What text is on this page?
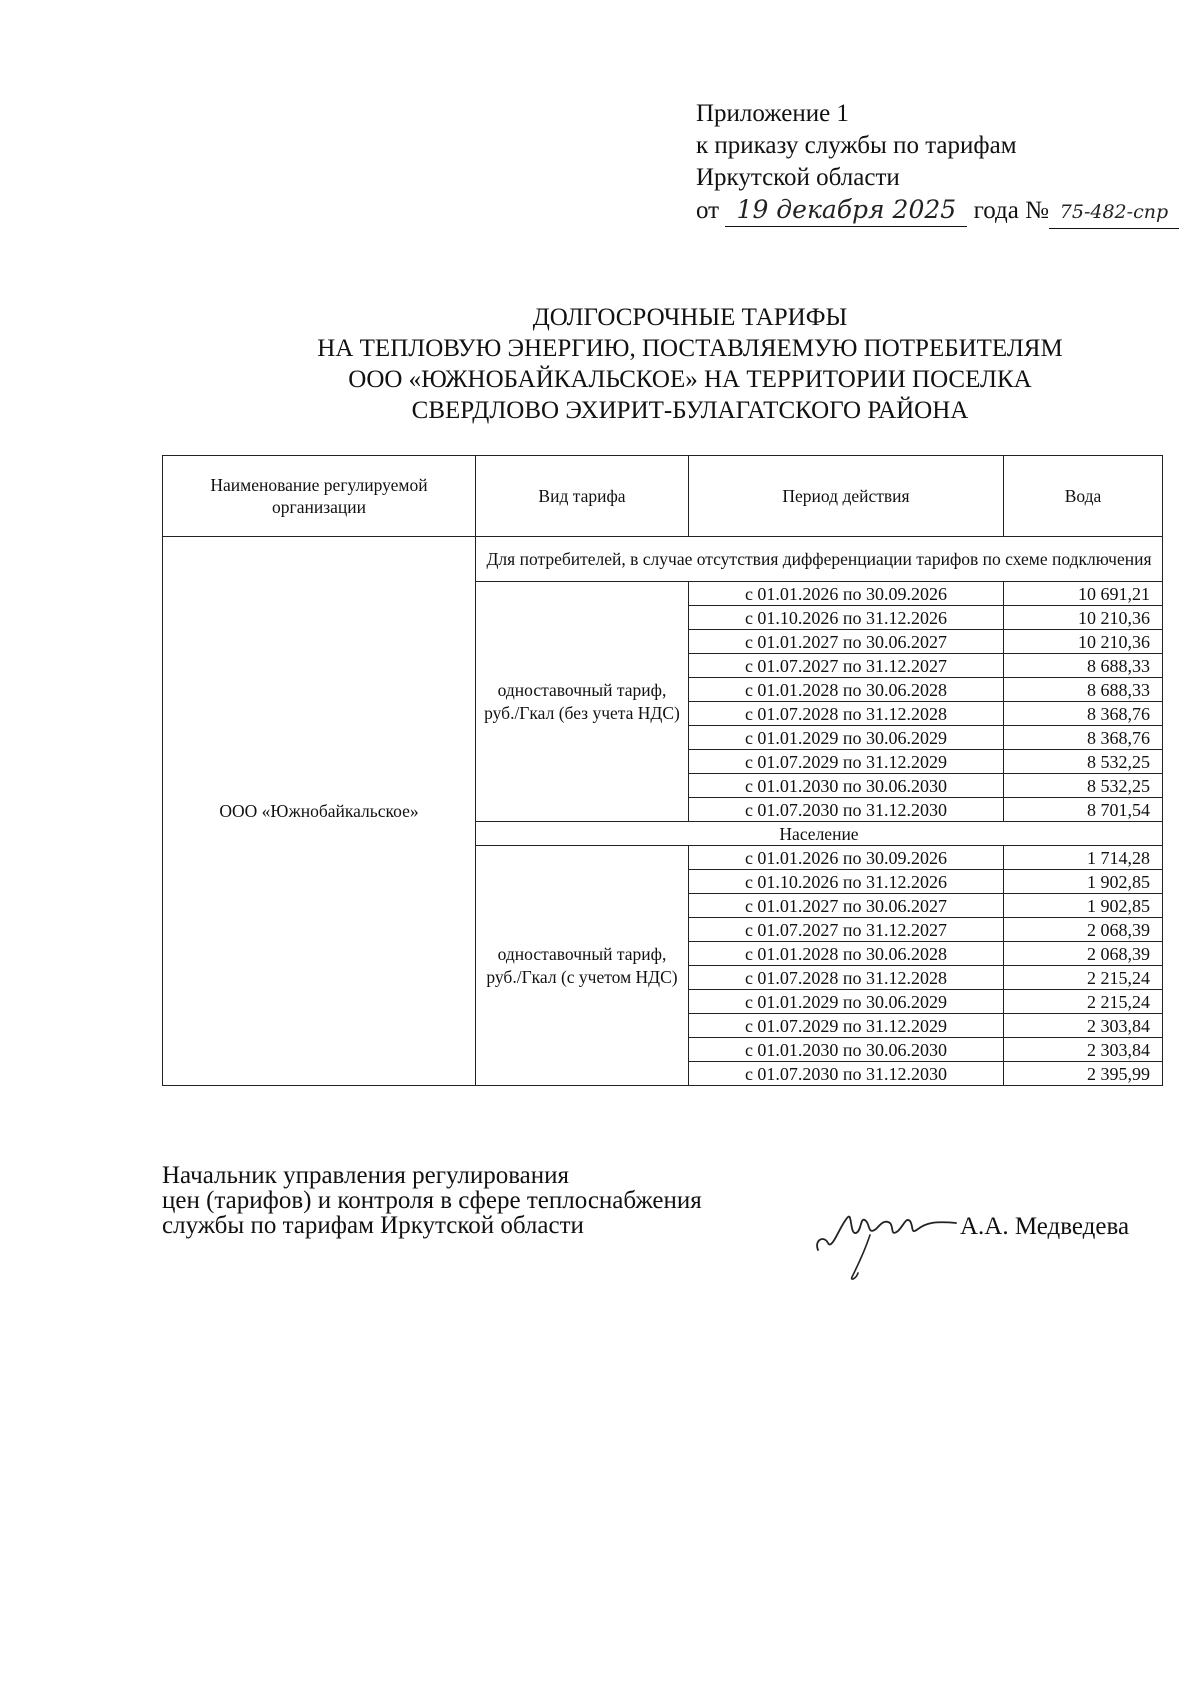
Приложение 1
к приказу службы по тарифам
Иркутской области
от 19 декабря 2025 года № 75-482-спр
ДОЛГОСРОЧНЫЕ ТАРИФЫ
НА ТЕПЛОВУЮ ЭНЕРГИЮ, ПОСТАВЛЯЕМУЮ ПОТРЕБИТЕЛЯМ
ООО «ЮЖНОБАЙКАЛЬСКОЕ» НА ТЕРРИТОРИИ ПОСЕЛКА
СВЕРДЛОВО ЭХИРИТ-БУЛАГАТСКОГО РАЙОНА
Наименование регулируемой организации	Вид тарифа	Период действия	Вода
ООО «Южнобайкальское»	Для потребителей, в случае отсутствия дифференциации тарифов по схеме подключения		
	одноставочный тариф, руб./Гкал (без учета НДС)	с 01.01.2026 по 30.09.2026	10 691,21
		с 01.10.2026 по 31.12.2026	10 210,36
		с 01.01.2027 по 30.06.2027	10 210,36
		с 01.07.2027 по 31.12.2027	8 688,33
		с 01.01.2028 по 30.06.2028	8 688,33
		с 01.07.2028 по 31.12.2028	8 368,76
		с 01.01.2029 по 30.06.2029	8 368,76
		с 01.07.2029 по 31.12.2029	8 532,25
		с 01.01.2030 по 30.06.2030	8 532,25
		с 01.07.2030 по 31.12.2030	8 701,54
	Население		
	одноставочный тариф, руб./Гкал (с учетом НДС)	с 01.01.2026 по 30.09.2026	1 714,28
		с 01.10.2026 по 31.12.2026	1 902,85
		с 01.01.2027 по 30.06.2027	1 902,85
		с 01.07.2027 по 31.12.2027	2 068,39
		с 01.01.2028 по 30.06.2028	2 068,39
		с 01.07.2028 по 31.12.2028	2 215,24
		с 01.01.2029 по 30.06.2029	2 215,24
		с 01.07.2029 по 31.12.2029	2 303,84
		с 01.01.2030 по 30.06.2030	2 303,84
		с 01.07.2030 по 31.12.2030	2 395,99
Начальник управления регулирования
цен (тарифов) и контроля в сфере теплоснабжения
службы по тарифам Иркутской области	А.А. Медведева
